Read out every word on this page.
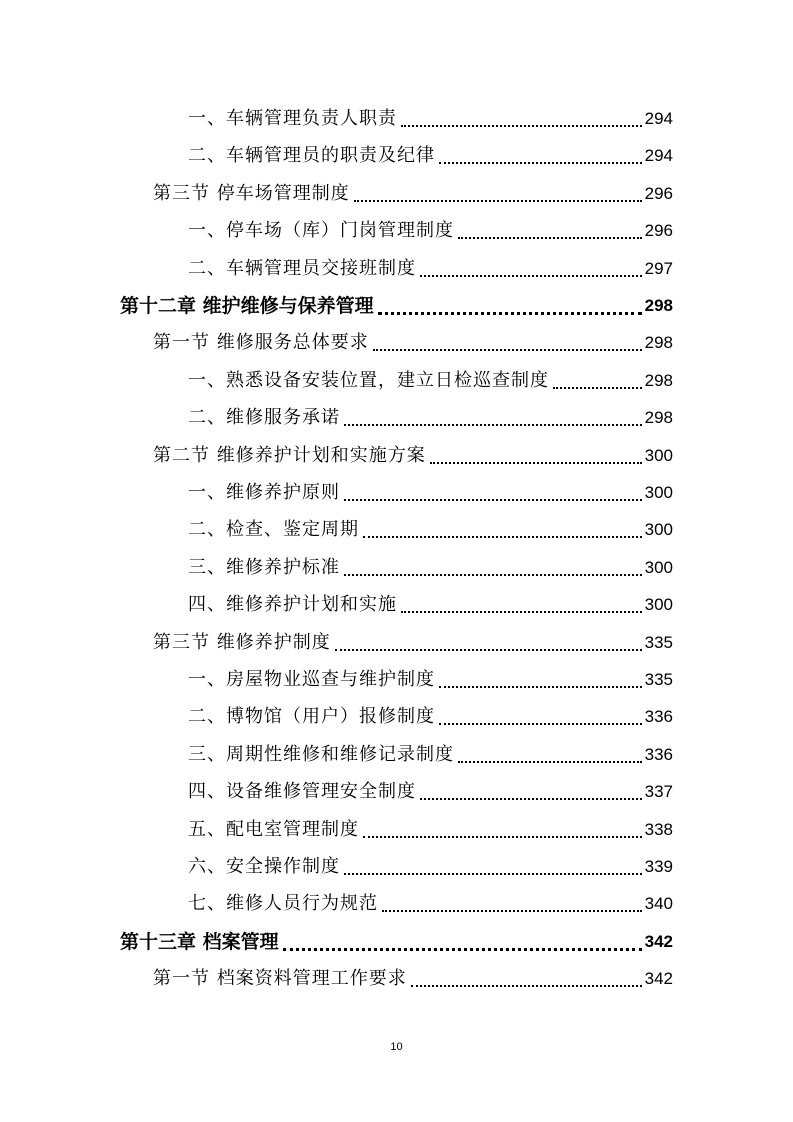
一、车辆管理负责人职责	294
二、车辆管理员的职责及纪律	294
第三节 停车场管理制度	296
一、停车场（库）门岗管理制度	296
二、车辆管理员交接班制度	297
第十二章 维护维修与保养管理	298
第一节 维修服务总体要求	298
一、熟悉设备安装位置，建立日检巡查制度	298
二、维修服务承诺	298
第二节 维修养护计划和实施方案	300
一、维修养护原则	300
二、检查、鉴定周期	300
三、维修养护标准	300
四、维修养护计划和实施	300
第三节 维修养护制度	335
一、房屋物业巡查与维护制度	335
二、博物馆（用户）报修制度	336
三、周期性维修和维修记录制度	336
四、设备维修管理安全制度	337
五、配电室管理制度	338
六、安全操作制度	339
七、维修人员行为规范	340
第十三章 档案管理	342
第一节 档案资料管理工作要求	342
10
